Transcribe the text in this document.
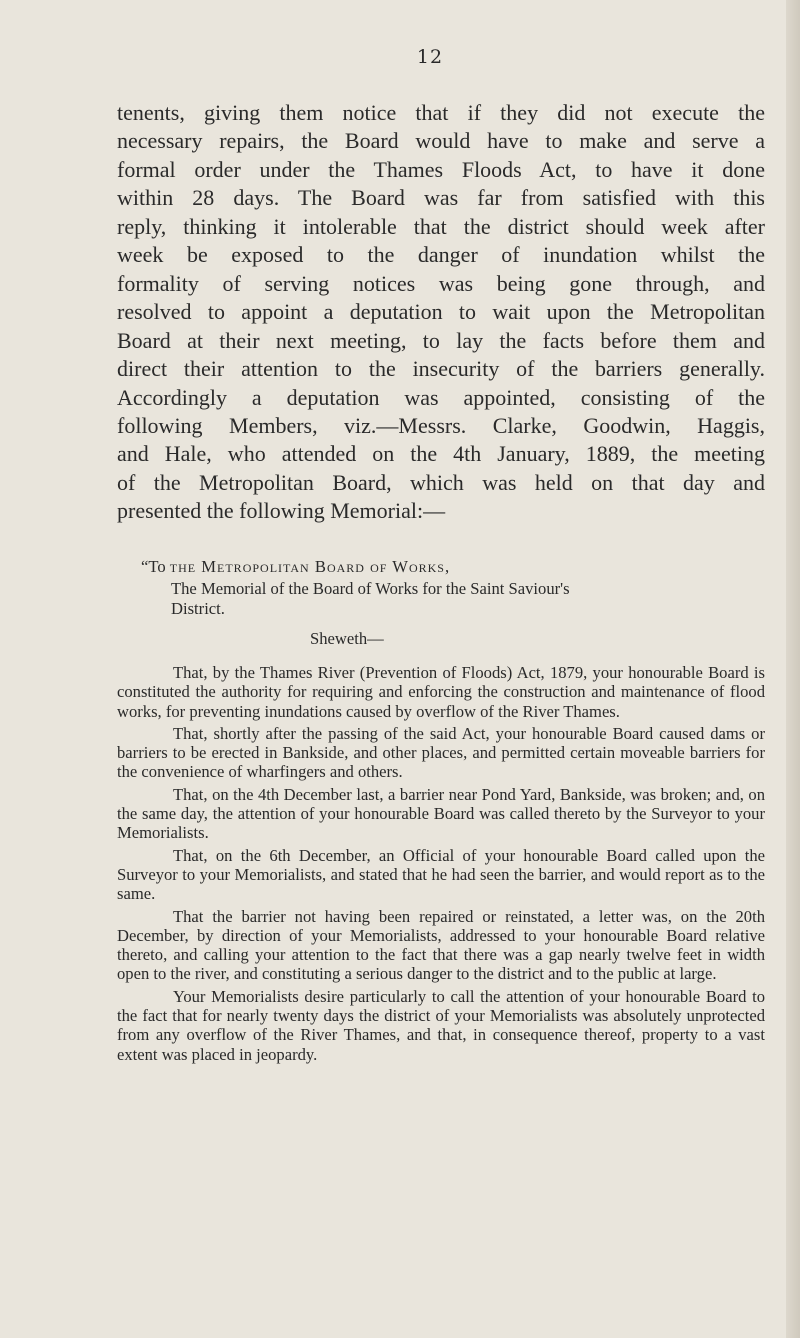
12
tenents, giving them notice that if they did not execute the
necessary repairs, the Board would have to make and serve a
formal order under the Thames Floods Act, to have it done
within 28 days. The Board was far from satisfied with this
reply, thinking it intolerable that the district should week after
week be exposed to the danger of inundation whilst the
formality of serving notices was being gone through, and
resolved to appoint a deputation to wait upon the Metropolitan
Board at their next meeting, to lay the facts before them and
direct their attention to the insecurity of the barriers generally.
Accordingly a deputation was appointed, consisting of the
following Members, viz.—Messrs. Clarke, Goodwin, Haggis,
and Hale, who attended on the 4th January, 1889, the meeting
of the Metropolitan Board, which was held on that day and
presented the following Memorial:—
“To the Metropolitan Board of Works,
The Memorial of the Board of Works for the Saint Saviour's
District.
Sheweth—

That, by the Thames River (Prevention of Floods) Act, 1879, your honourable Board is constituted the authority for requiring and enforcing the construction and maintenance of flood works, for preventing inundations caused by overflow of the River Thames.

That, shortly after the passing of the said Act, your honourable Board caused dams or barriers to be erected in Bankside, and other places, and permitted certain moveable barriers for the convenience of wharfingers and others.

That, on the 4th December last, a barrier near Pond Yard, Bankside, was broken; and, on the same day, the attention of your honourable Board was called thereto by the Surveyor to your Memorialists.

That, on the 6th December, an Official of your honourable Board called upon the Surveyor to your Memorialists, and stated that he had seen the barrier, and would report as to the same.

That the barrier not having been repaired or reinstated, a letter was, on the 20th December, by direction of your Memorialists, addressed to your honourable Board relative thereto, and calling your attention to the fact that there was a gap nearly twelve feet in width open to the river, and constituting a serious danger to the district and to the public at large.

Your Memorialists desire particularly to call the attention of your honourable Board to the fact that for nearly twenty days the district of your Memorialists was absolutely unprotected from any overflow of the River Thames, and that, in consequence thereof, property to a vast extent was placed in jeopardy.
